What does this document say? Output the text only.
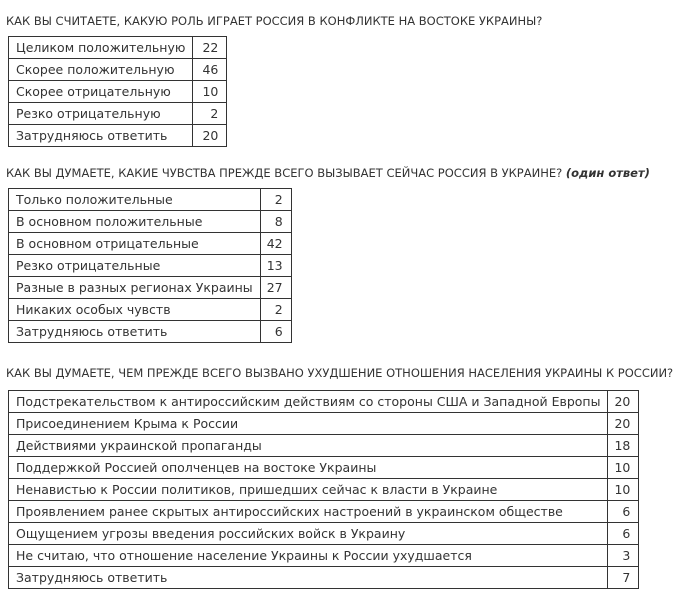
КАК ВЫ СЧИТАЕТЕ, КАКУЮ РОЛЬ ИГРАЕТ РОССИЯ В КОНФЛИКТЕ НА ВОСТОКЕ УКРАИНЫ?
Целиком положительную	22
Скорее положительную	46
Скорее отрицательную	10
Резко отрицательную	2
Затрудняюсь ответить	20
КАК ВЫ ДУМАЕТЕ, КАКИЕ ЧУВСТВА ПРЕЖДЕ ВСЕГО ВЫЗЫВАЕТ СЕЙЧАС РОССИЯ В УКРАИНЕ? (один ответ)
Только положительные	2
В основном положительные	8
В основном отрицательные	42
Резко отрицательные	13
Разные в разных регионах Украины	27
Никаких особых чувств	2
Затрудняюсь ответить	6
КАК ВЫ ДУМАЕТЕ, ЧЕМ ПРЕЖДЕ ВСЕГО ВЫЗВАНО УХУДШЕНИЕ ОТНОШЕНИЯ НАСЕЛЕНИЯ УКРАИНЫ К РОССИИ?
Подстрекательством к антироссийским действиям со стороны США и Западной Европы	20
Присоединением Крыма к России	20
Действиями украинской пропаганды	18
Поддержкой Россией ополченцев на востоке Украины	10
Ненавистью к России политиков, пришедших сейчас к власти в Украине	10
Проявлением ранее скрытых антироссийских настроений в украинском обществе	6
Ощущением угрозы введения российских войск в Украину	6
Не считаю, что отношение население Украины к России ухудшается	3
Затрудняюсь ответить	7
